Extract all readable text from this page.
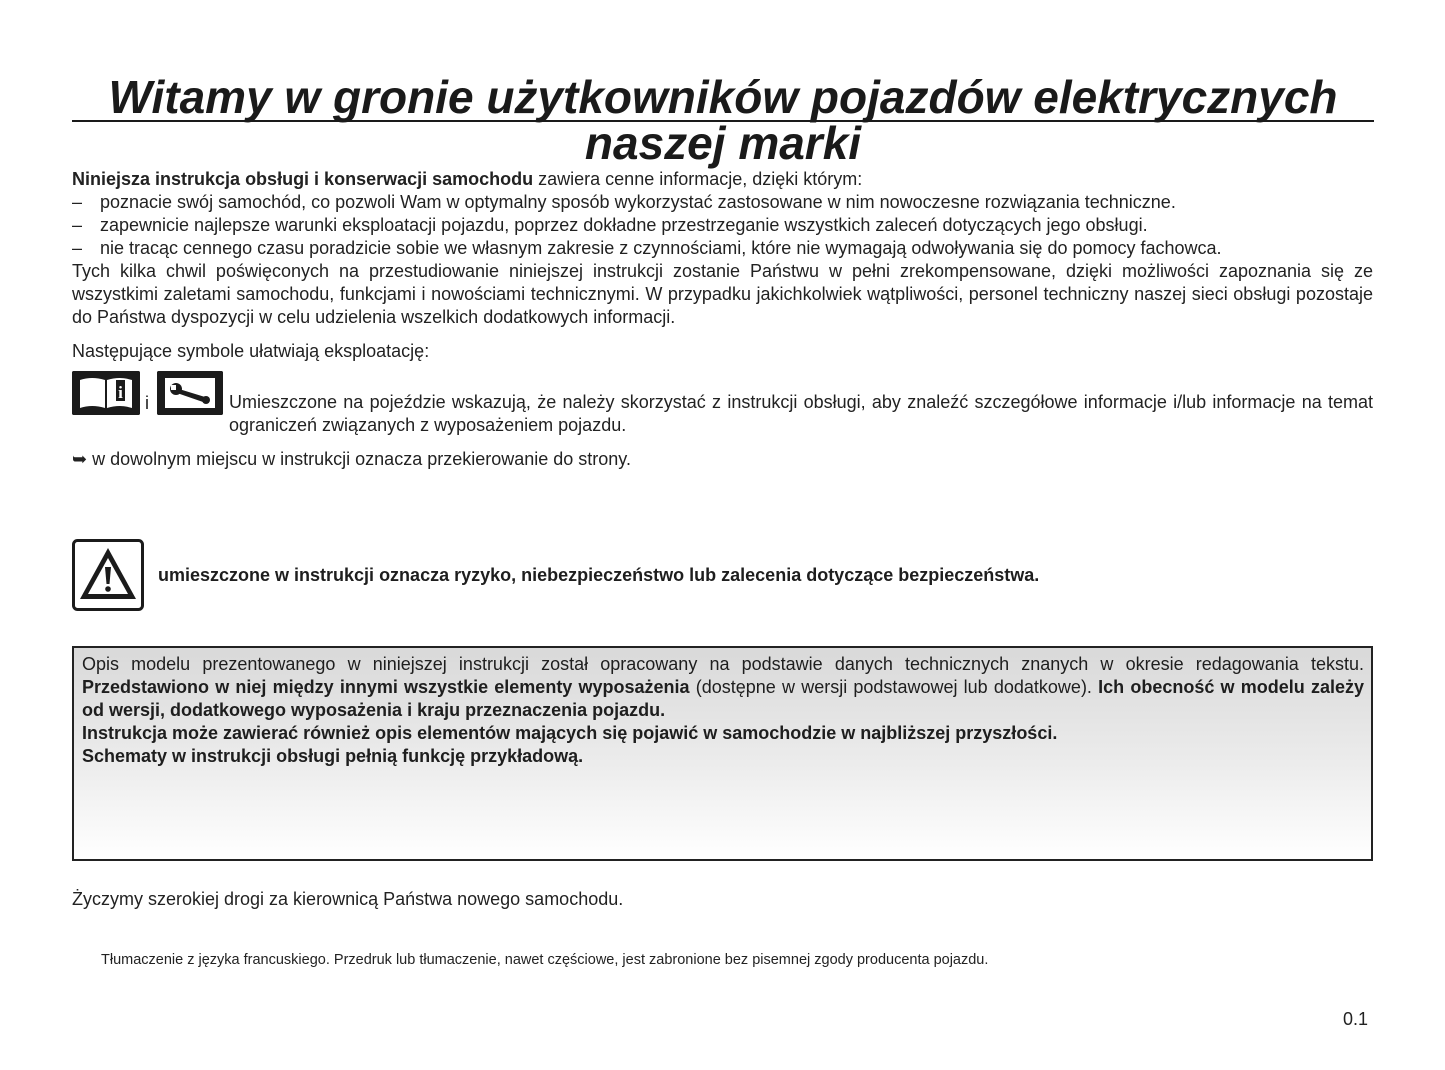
Witamy w gronie użytkowników pojazdów elektrycznych
naszej marki
Niniejsza instrukcja obsługi i konserwacji samochodu zawiera cenne informacje, dzięki którym:
– poznacie swój samochód, co pozwoli Wam w optymalny sposób wykorzystać zastosowane w nim nowoczesne rozwiązania techniczne.
– zapewnicie najlepsze warunki eksploatacji pojazdu, poprzez dokładne przestrzeganie wszystkich zaleceń dotyczących jego obsługi.
– nie tracąc cennego czasu poradzicie sobie we własnym zakresie z czynnościami, które nie wymagają odwoływania się do pomocy fachowca.
Tych kilka chwil poświęconych na przestudiowanie niniejszej instrukcji zostanie Państwu w pełni zrekompensowane, dzięki możliwości zapoznania się ze wszystkimi zaletami samochodu, funkcjami i nowościami technicznymi. W przypadku jakichkolwiek wątpliwości, personel techniczny naszej sieci obsługi pozostaje do Państwa dyspozycji w celu udzielenia wszelkich dodatkowych informacji.
Następujące symbole ułatwiają eksploatację:
i
i	Umieszczone na pojeździe wskazują, że należy skorzystać z instrukcji obsługi, aby znaleźć szczegółowe informacje i/lub informacje na temat ograniczeń związanych z wyposażeniem pojazdu.
➥ w dowolnym miejscu w instrukcji oznacza przekierowanie do strony.
umieszczone w instrukcji oznacza ryzyko, niebezpieczeństwo lub zalecenia dotyczące bezpieczeństwa.
Opis modelu prezentowanego w niniejszej instrukcji został opracowany na podstawie danych technicznych znanych w okresie redagowania tekstu. Przedstawiono w niej między innymi wszystkie elementy wyposażenia (dostępne w wersji podstawowej lub dodatkowe). Ich obecność w modelu zależy od wersji, dodatkowego wyposażenia i kraju przeznaczenia pojazdu.
Instrukcja może zawierać również opis elementów mających się pojawić w samochodzie w najbliższej przyszłości.
Schematy w instrukcji obsługi pełnią funkcję przykładową.
Życzymy szerokiej drogi za kierownicą Państwa nowego samochodu.
Tłumaczenie z języka francuskiego. Przedruk lub tłumaczenie, nawet częściowe, jest zabronione bez pisemnej zgody producenta pojazdu.
0.1
